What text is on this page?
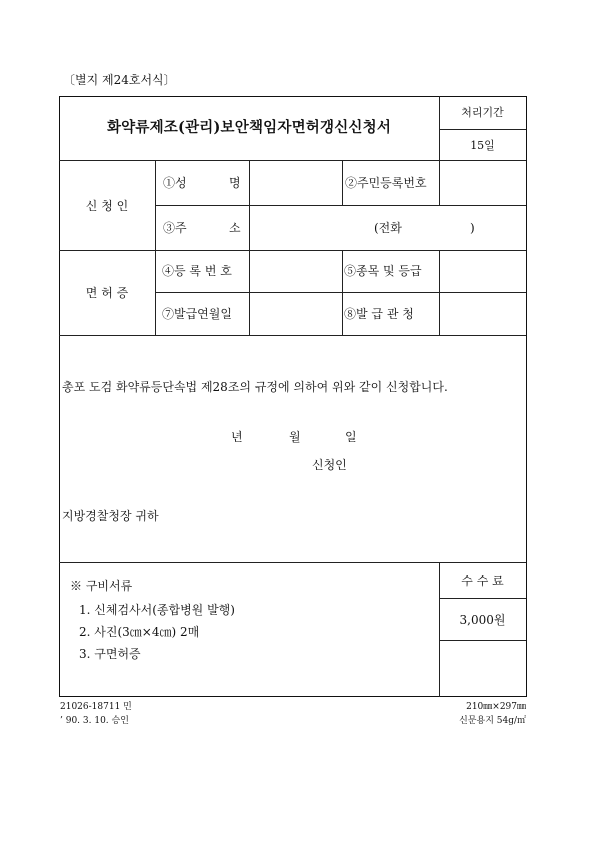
〔별지 제24호서식〕
화약류제조(관리)보안책임자면허갱신신청서
처리기간
15일
신 청 인
①성	명	②주민등록번호
③주	소	(전화	)
면 허 증
④등 록 번 호	⑤종목 및 등급
⑦발급연월일	⑧발 급 관 청
총포 도검 화약류등단속법 제28조의 규정에 의하여 위와 같이 신청합니다.
년	월	일
신청인
지방경찰청장 귀하
※ 구비서류
1. 신체검사서(종합병원 발행)
2. 사진(3㎝×4㎝) 2매
3. 구면허증
수 수 료
3,000원
21026-18711 민
’ 90. 3. 10. 승인
210㎜×297㎜
신문용지 54g/㎡
